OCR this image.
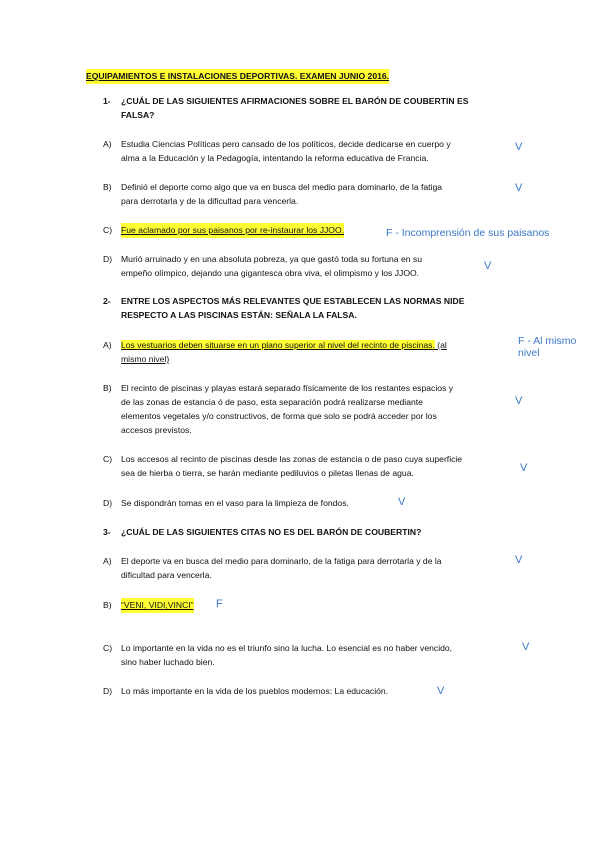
EQUIPAMIENTOS E INSTALACIONES DEPORTIVAS. EXAMEN JUNIO 2016.
1- ¿CUÁL DE LAS SIGUIENTES AFIRMACIONES SOBRE EL BARÓN DE COUBERTIN ES
FALSA?
A) Estudia Ciencias Políticas pero cansado de los políticos, decide dedicarse en cuerpo y
alma a la Educación y la Pedagogía, intentando la reforma educativa de Francia.
V
B) Definió el deporte como algo que va en busca del medio para dominarlo, de la fatiga
para derrotarla y de la dificultad para vencerla.
V
C) Fue aclamado por sus paisanos por re-instaurar los JJOO.	F - Incomprensión de sus paisanos
D) Murió arruinado y en una absoluta pobreza, ya que gastó toda su fortuna en su
empeño olímpico, dejando una gigantesca obra viva, el olimpismo y los JJOO.
V
2- ENTRE LOS ASPECTOS MÁS RELEVANTES QUE ESTABLECEN LAS NORMAS NIDE
RESPECTO A LAS PISCINAS ESTÁN: SEÑALA LA FALSA.
A) Los vestuarios deben situarse en un plano superior al nivel del recinto de piscinas. (al
mismo nivel)
F - Al mismo
nivel
B) El recinto de piscinas y playas estará separado físicamente de los restantes espacios y
de las zonas de estancia ó de paso, esta separación podrá realizarse mediante
elementos vegetales y/o constructivos, de forma que solo se podrá acceder por los
accesos previstos.
V
C) Los accesos al recinto de piscinas desde las zonas de estancia o de paso cuya superficie
sea de hierba o tierra, se harán mediante pediluvios o piletas llenas de agua.	V
D) Se dispondrán tomas en el vaso para la limpieza de fondos.	V
3- ¿CUÁL DE LAS SIGUIENTES CITAS NO ES DEL BARÓN DE COUBERTIN?
A) El deporte va en busca del medio para dominarlo, de la fatiga para derrotarla y de la
dificultad para vencerla.
V
B) “VENI, VIDI,VINCI” F
C) Lo importante en la vida no es el triunfo sino la lucha. Lo esencial es no haber vencido,
sino haber luchado bien.
V
D) Lo más importante en la vida de los pueblos modernos: La educación.	V
